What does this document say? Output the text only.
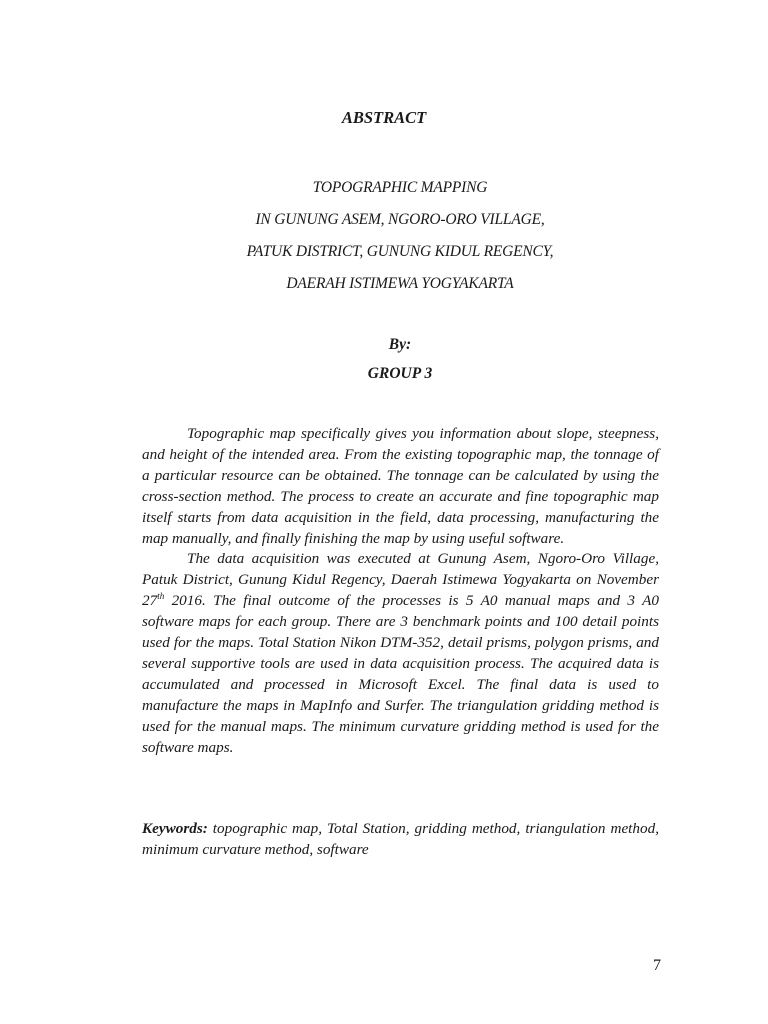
ABSTRACT
TOPOGRAPHIC MAPPING
IN GUNUNG ASEM, NGORO-ORO VILLAGE,
PATUK DISTRICT, GUNUNG KIDUL REGENCY,
DAERAH ISTIMEWA YOGYAKARTA
By:
GROUP 3

Topographic map specifically gives you information about slope, steepness, and height of the intended area. From the existing topographic map, the tonnage of a particular resource can be obtained. The tonnage can be calculated by using the cross-section method. The process to create an accurate and fine topographic map itself starts from data acquisition in the field, data processing, manufacturing the map manually, and finally finishing the map by using useful software.

The data acquisition was executed at Gunung Asem, Ngoro-Oro Village, Patuk District, Gunung Kidul Regency, Daerah Istimewa Yogyakarta on November 27th 2016. The final outcome of the processes is 5 A0 manual maps and 3 A0 software maps for each group. There are 3 benchmark points and 100 detail points used for the maps. Total Station Nikon DTM-352, detail prisms, polygon prisms, and several supportive tools are used in data acquisition process. The acquired data is accumulated and processed in Microsoft Excel. The final data is used to manufacture the maps in MapInfo and Surfer. The triangulation gridding method is used for the manual maps. The minimum curvature gridding method is used for the software maps.

Keywords: topographic map, Total Station, gridding method, triangulation method, minimum curvature method, software
7
